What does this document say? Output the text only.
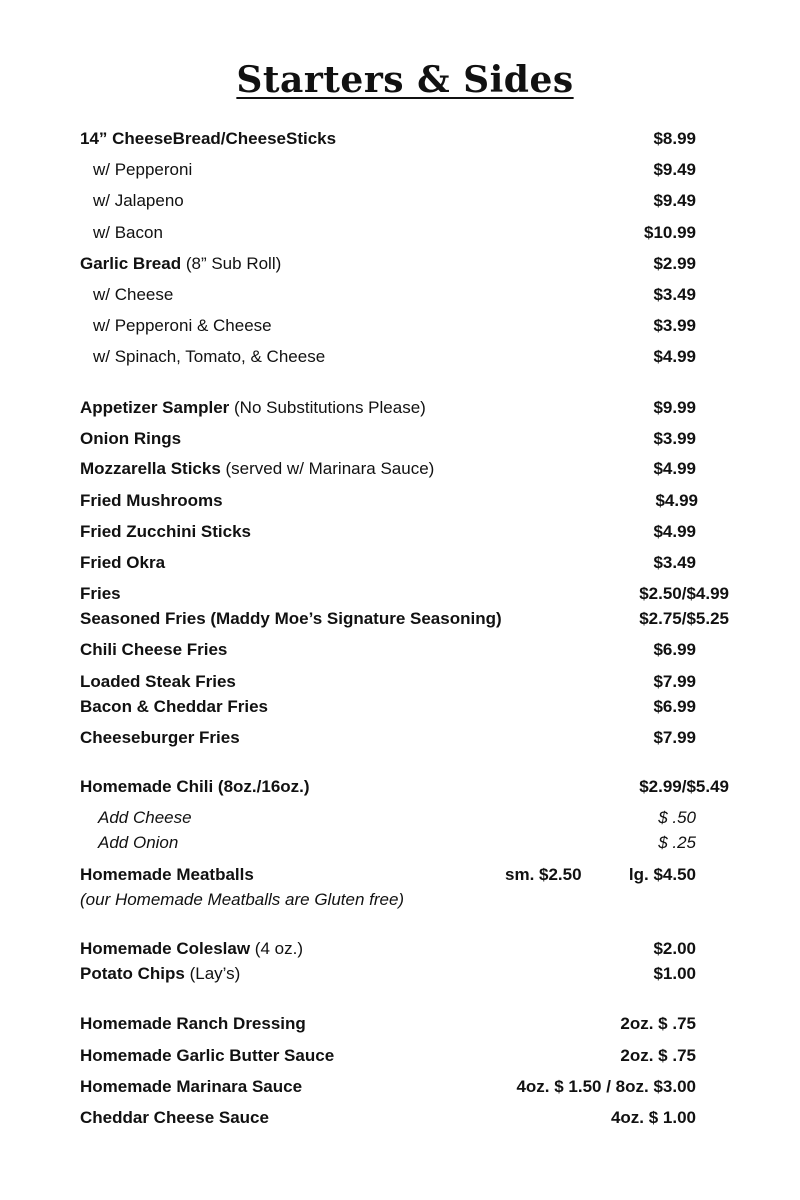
Starters & Sides
14” CheeseBread/CheeseSticks	$8.99
w/ Pepperoni	$9.49
w/ Jalapeno	$9.49
w/ Bacon	$10.99
Garlic Bread (8” Sub Roll)	$2.99
w/ Cheese	$3.49
w/ Pepperoni & Cheese	$3.99
w/ Spinach, Tomato, & Cheese	$4.99
Appetizer Sampler (No Substitutions Please)	$9.99
Onion Rings	$3.99
Mozzarella Sticks (served w/ Marinara Sauce)	$4.99
Fried Mushrooms	$4.99
Fried Zucchini Sticks	$4.99
Fried Okra	$3.49
Fries	$2.50/$4.99
Seasoned Fries (Maddy Moe’s Signature Seasoning)	$2.75/$5.25
Chili Cheese Fries	$6.99
Loaded Steak Fries	$7.99
Bacon & Cheddar Fries	$6.99
Cheeseburger Fries	$7.99
Homemade Chili (8oz./16oz.)	$2.99/$5.49
Add Cheese	$ .50
Add Onion	$ .25
Homemade Meatballs	sm. $2.50	lg. $4.50
(our Homemade Meatballs are Gluten free)
Homemade Coleslaw (4 oz.)	$2.00
Potato Chips (Lay’s)	$1.00
Homemade Ranch Dressing	2oz. $ .75
Homemade Garlic Butter Sauce	2oz. $ .75
Homemade Marinara Sauce	4oz. $ 1.50 / 8oz. $3.00
Cheddar Cheese Sauce	4oz. $ 1.00
